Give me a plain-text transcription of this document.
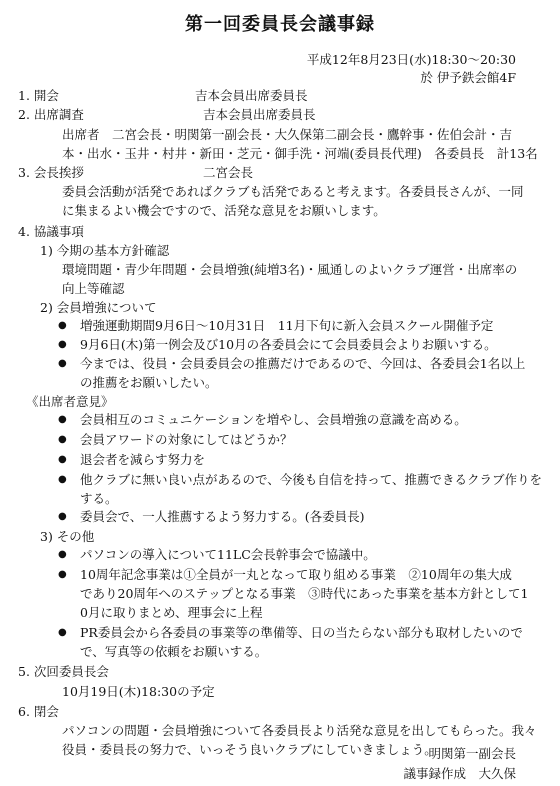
第一回委員長会議事録
平成12年8月23日(水)18:30～20:30
於 伊予鉄会館4F
1. 開会	吉本会員出席委員長
2. 出席調査	吉本会員出席委員長
出席者　二宮会長・明関第一副会長・大久保第二副会長・鷹幹事・佐伯会計・吉
本・出水・玉井・村井・新田・芝元・御手洗・河端(委員長代理)　各委員長　計13名
3. 会長挨拶	二宮会長
委員会活動が活発であればクラブも活発であると考えます。各委員長さんが、一同
に集まるよい機会ですので、活発な意見をお願いします。
4. 協議事項
1) 今期の基本方針確認
環境問題・青少年問題・会員増強(純増3名)・風通しのよいクラブ運営・出席率の
向上等確認
2) 会員増強について
● 増強運動期間9月6日～10月31日　11月下旬に新入会員スクール開催予定
● 9月6日(木)第一例会及び10月の各委員会にて会員委員会よりお願いする。
● 今までは、役員・会員委員会の推薦だけであるので、今回は、各委員会1名以上
の推薦をお願いしたい。
《出席者意見》
● 会員相互のコミュニケーションを増やし、会員増強の意識を高める。
● 会員アワードの対象にしてはどうか？
● 退会者を減らす努力を
● 他クラブに無い良い点があるので、今後も自信を持って、推薦できるクラブ作りを
する。
● 委員会で、一人推薦するよう努力する。(各委員長)
3) その他
● パソコンの導入について11LC会長幹事会で協議中。
● 10周年記念事業は①全員が一丸となって取り組める事業　②10周年の集大成
であり20周年へのステップとなる事業　③時代にあった事業を基本方針として1
0月に取りまとめ、理事会に上程
● PR委員会から各委員の事業等の準備等、日の当たらない部分も取材したいので
で、写真等の依頼をお願いする。
5. 次回委員長会
10月19日(木)18:30の予定
6. 閉会
パソコンの問題・会員増強について各委員長より活発な意見を出してもらった。我々
役員・委員長の努力で、いっそう良いクラブにしていきましょう。
明関第一副会長
議事録作成　大久保
